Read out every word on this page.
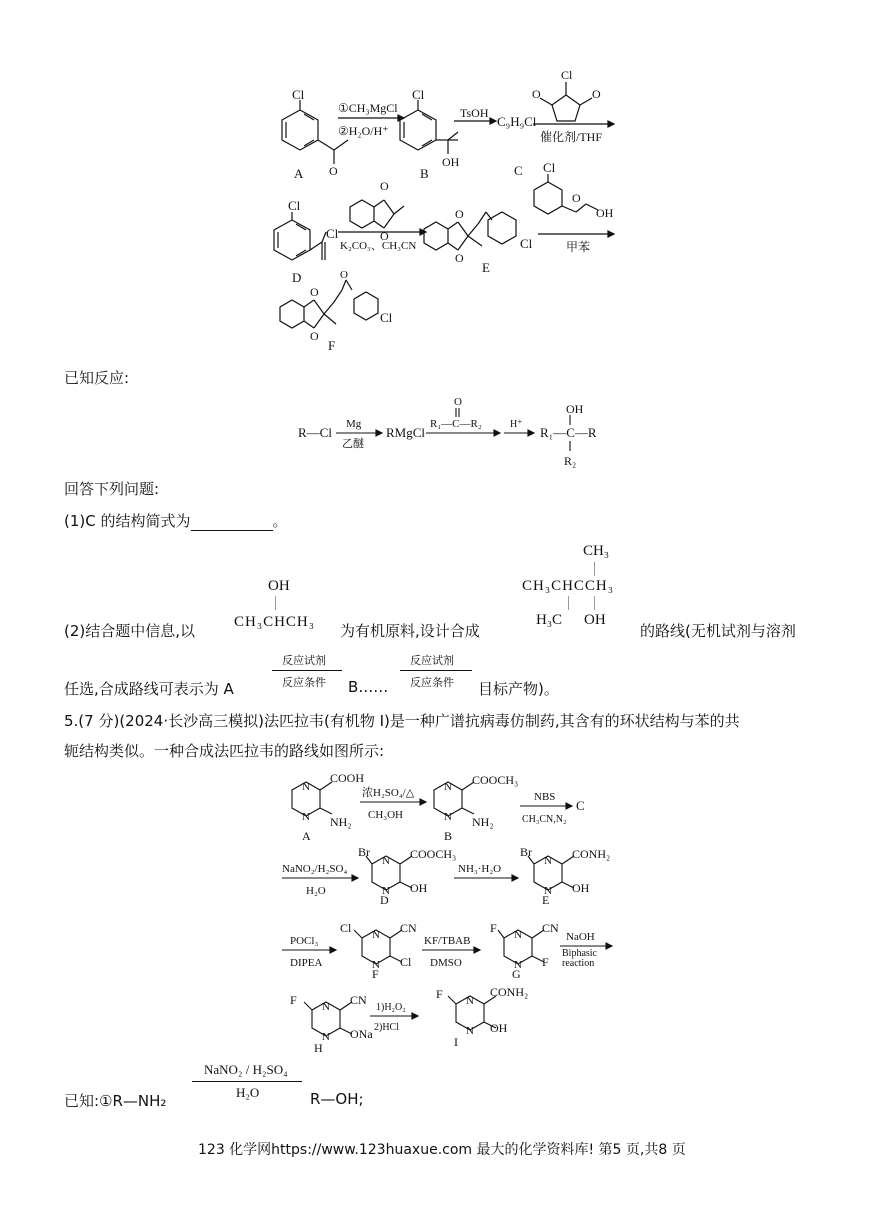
Cl
O
A
①CH₃MgCl
②H₂O/H⁺
Cl
OH
B
TsOH
C₉H₉Cl
C
Cl
O	O
催化剂/THF
Cl
Cl
D
O
O
K₂CO₃、CH₃CN
O
O
Cl
E
Cl
O
OH
甲苯
O
O
O
Cl
F
已知反应:
R—Cl
Mg
乙醚
RMgCl
R₁—C—R₂
O
H⁺
R₁—C—R
OH
R₂
回答下列问题:
(1)C 的结构简式为	。
(2)结合题中信息,以
OH
CH₃CHCH₃ 为有机原料,设计合成
CH₃
CH₃CHCCH₃
H₃C OH
的路线(无机试剂与溶剂
任选,合成路线可表示为 A
反应试剂
反应条件 B……
反应试剂
反应条件 目标产物)。
5.(7 分)(2024·长沙高三模拟)法匹拉韦(有机物 I)是一种广谱抗病毒仿制药,其含有的环状结构与苯的共
轭结构类似。一种合成法匹拉韦的路线如图所示:
N
N
COOH
NH₂
A
浓H₂SO₄/△
CH₃OH
N
N
COOCH₃
NH₂
B
NBS
CH₃CN,N₂
C
NaNO₂/H₂SO₄
H₂O
N
N
Br	COOCH₃
OH
D
NH₃·H₂O
N
N
Br	CONH₂
OH
E
POCl₃
DIPEA
N
N
Cl	CN
Cl
F
KF/TBAB
DMSO
N
N
F	CN
F
G
NaOH
Biphasic
reaction
N
N
F	CN
ONa
H
1)H₂O₂
2)HCl
N
N
F	CONH₂
OH
I
已知:①R—NH₂
NaNO₂ / H₂SO₄
H₂O	R—OH;
123 化学网https://www.123huaxue.com 最大的化学资料库! 第5 页,共8 页
